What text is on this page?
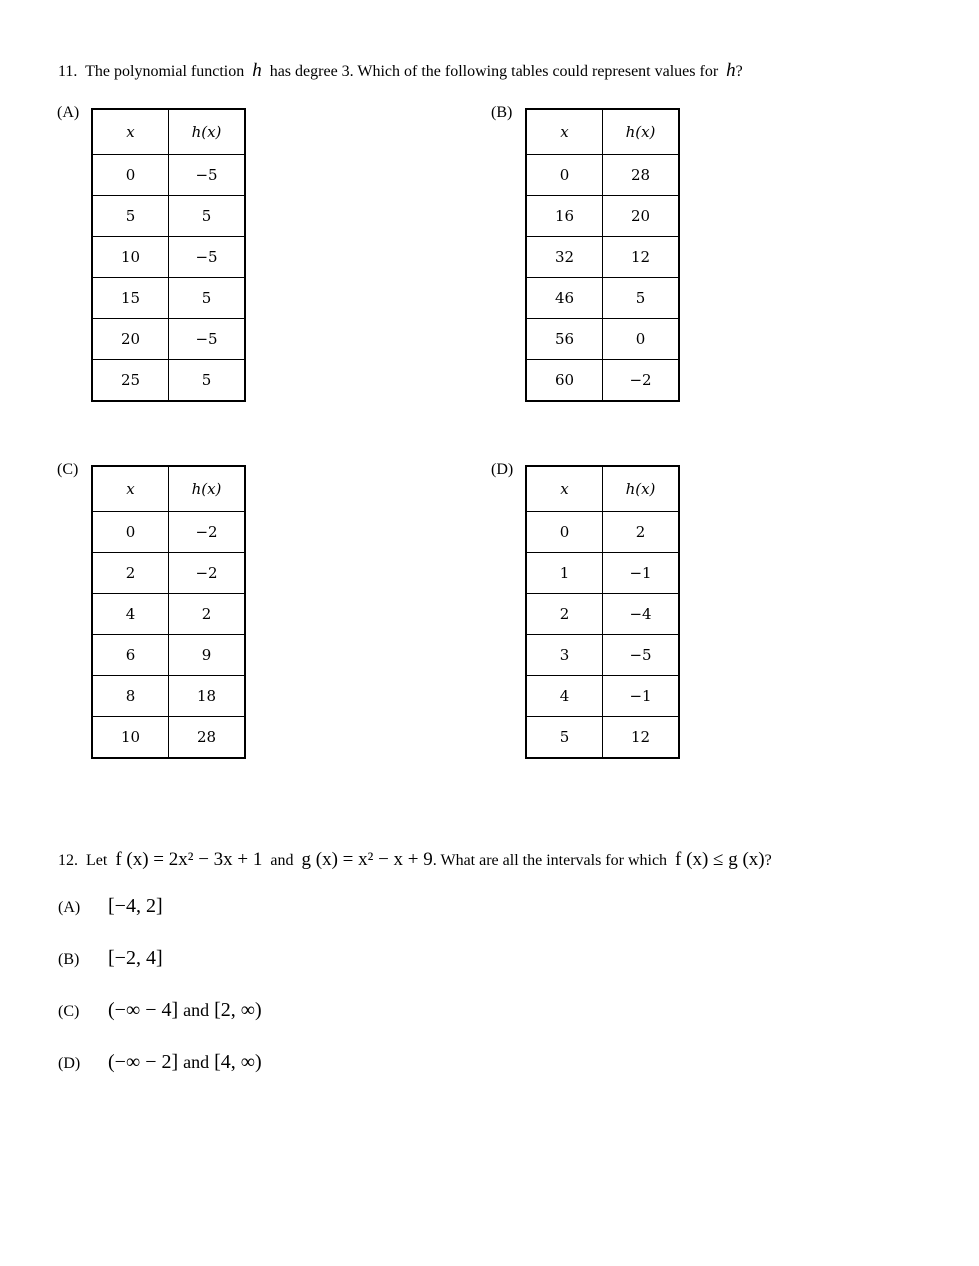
11. The polynomial function h has degree 3. Which of the following tables could represent values for h?
(A)
x	h(x)
0	−5
5	5
10	−5
15	5
20	−5
25	5
(B)
x	h(x)
0	28
16	20
32	12
46	5
56	0
60	−2
(C)
x	h(x)
0	−2
2	−2
4	2
6	9
8	18
10	28
(D)
x	h(x)
0	2
1	−1
2	−4
3	−5
4	−1
5	12
12. Let f (x) = 2x² − 3x + 1 and g (x) = x² − x + 9. What are all the intervals for which f (x) ≤ g (x)?
(A) [−4, 2]
(B) [−2, 4]
(C) (−∞ − 4] and [2, ∞)
(D) (−∞ − 2] and [4, ∞)
